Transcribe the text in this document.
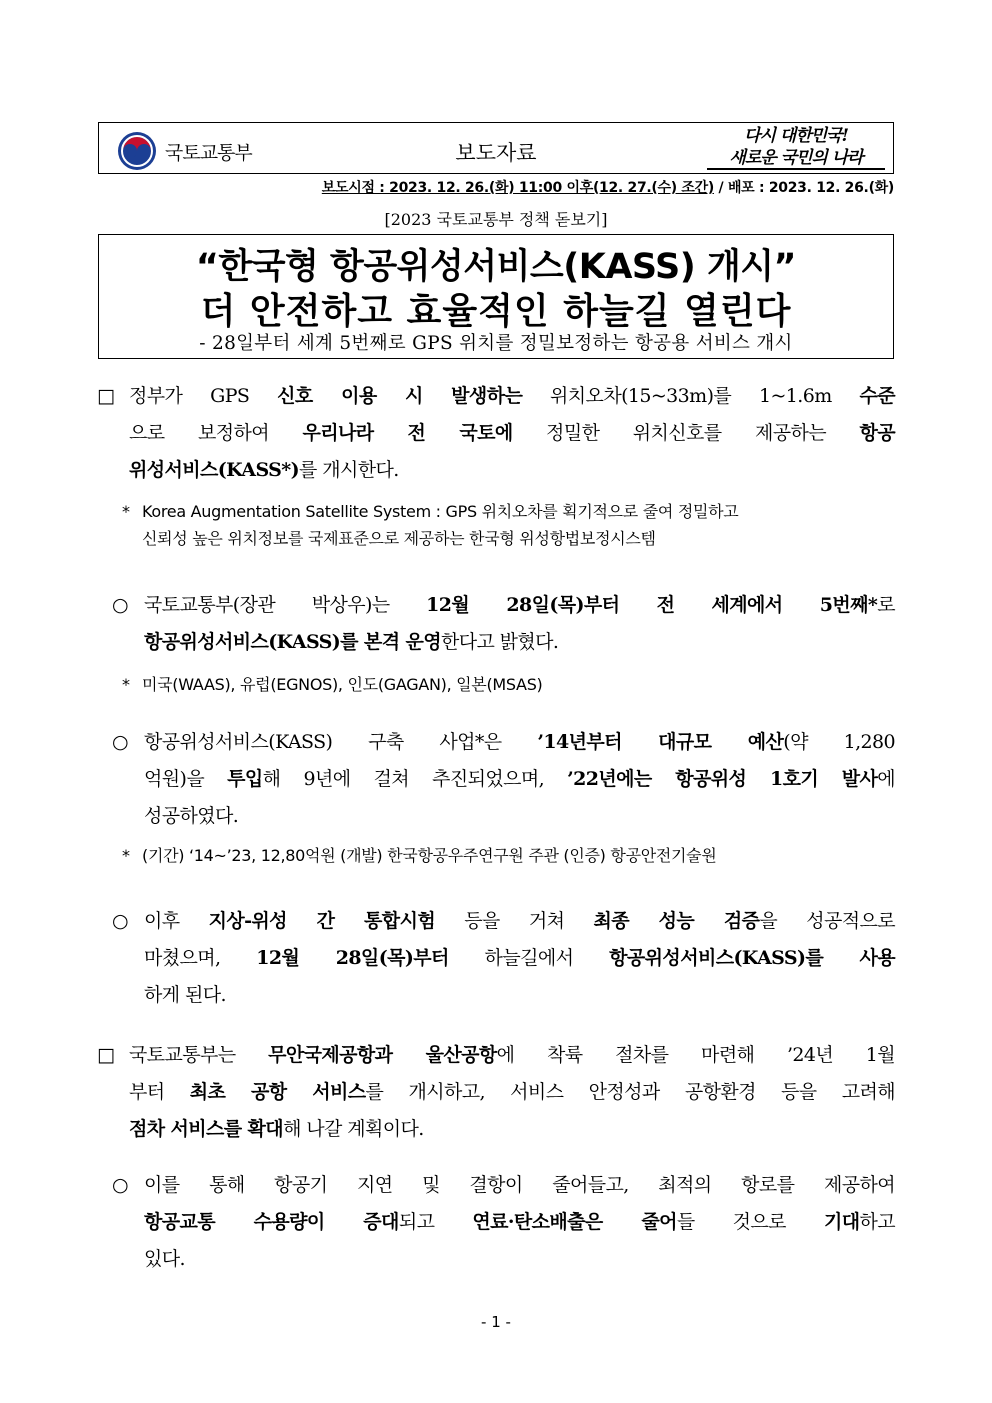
국토교통부	보도자료
다시 대한민국!
새로운 국민의 나라
보도시점 : 2023. 12. 26.(화) 11:00 이후(12. 27.(수) 조간) / 배포 : 2023. 12. 26.(화)
[2023 국토교통부 정책 돋보기]
“한국형 항공위성서비스(KASS) 개시”
더 안전하고 효율적인 하늘길 열린다
- 28일부터 세계 5번째로 GPS 위치를 정밀보정하는 항공용 서비스 개시
□ 정부가 GPS 신호 이용 시 발생하는 위치오차(15~33m)를 1~1.6m 수준
으로 보정하여 우리나라 전 국토에 정밀한 위치신호를 제공하는 항공
위성서비스(KASS*)를 개시한다.
* Korea Augmentation Satellite System : GPS 위치오차를 획기적으로 줄여 정밀하고
신뢰성 높은 위치정보를 국제표준으로 제공하는 한국형 위성항법보정시스템
○ 국토교통부(장관 박상우)는 12월 28일(목)부터 전 세계에서 5번째*로
항공위성서비스(KASS)를 본격 운영한다고 밝혔다.
* 미국(WAAS), 유럽(EGNOS), 인도(GAGAN), 일본(MSAS)
○ 항공위성서비스(KASS) 구축 사업*은 ’14년부터 대규모 예산(약 1,280
억원)을 투입해 9년에 걸쳐 추진되었으며, ’22년에는 항공위성 1호기 발사에
성공하였다.
* (기간) ‘14~’23, 12,80억원 (개발) 한국항공우주연구원 주관 (인증) 항공안전기술원
○ 이후 지상-위성 간 통합시험 등을 거쳐 최종 성능 검증을 성공적으로
마쳤으며, 12월 28일(목)부터 하늘길에서 항공위성서비스(KASS)를 사용
하게 된다.
□ 국토교통부는 무안국제공항과 울산공항에 착륙 절차를 마련해 ’24년 1월
부터 최초 공항 서비스를 개시하고, 서비스 안정성과 공항환경 등을 고려해
점차 서비스를 확대해 나갈 계획이다.
○ 이를 통해 항공기 지연 및 결항이 줄어들고, 최적의 항로를 제공하여
항공교통 수용량이 증대되고 연료·탄소배출은 줄어들 것으로 기대하고
있다.
- 1 -
